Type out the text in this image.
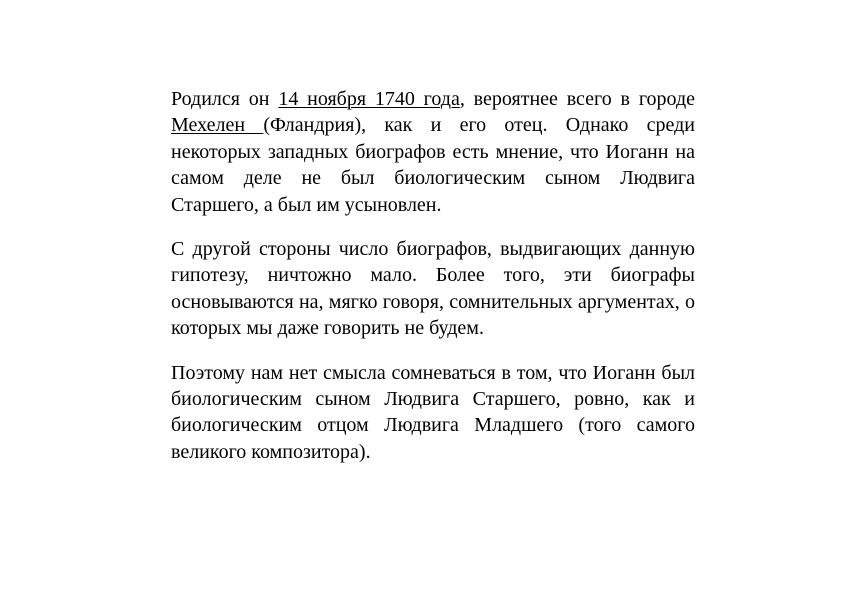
Родился он 14 ноября 1740 года, вероятнее всего в городе Мехелен (Фландрия), как и его отец. Однако среди некоторых западных биографов есть мнение, что Иоганн на самом деле не был биологическим сыном Людвига Старшего, а был им усыновлен.

С другой стороны число биографов, выдвигающих данную гипотезу, ничтожно мало. Более того, эти биографы основываются на, мягко говоря, сомнительных аргументах, о которых мы даже говорить не будем.

Поэтому нам нет смысла сомневаться в том, что Иоганн был биологическим сыном Людвига Старшего, ровно, как и биологическим отцом Людвига Младшего (того самого великого композитора).
